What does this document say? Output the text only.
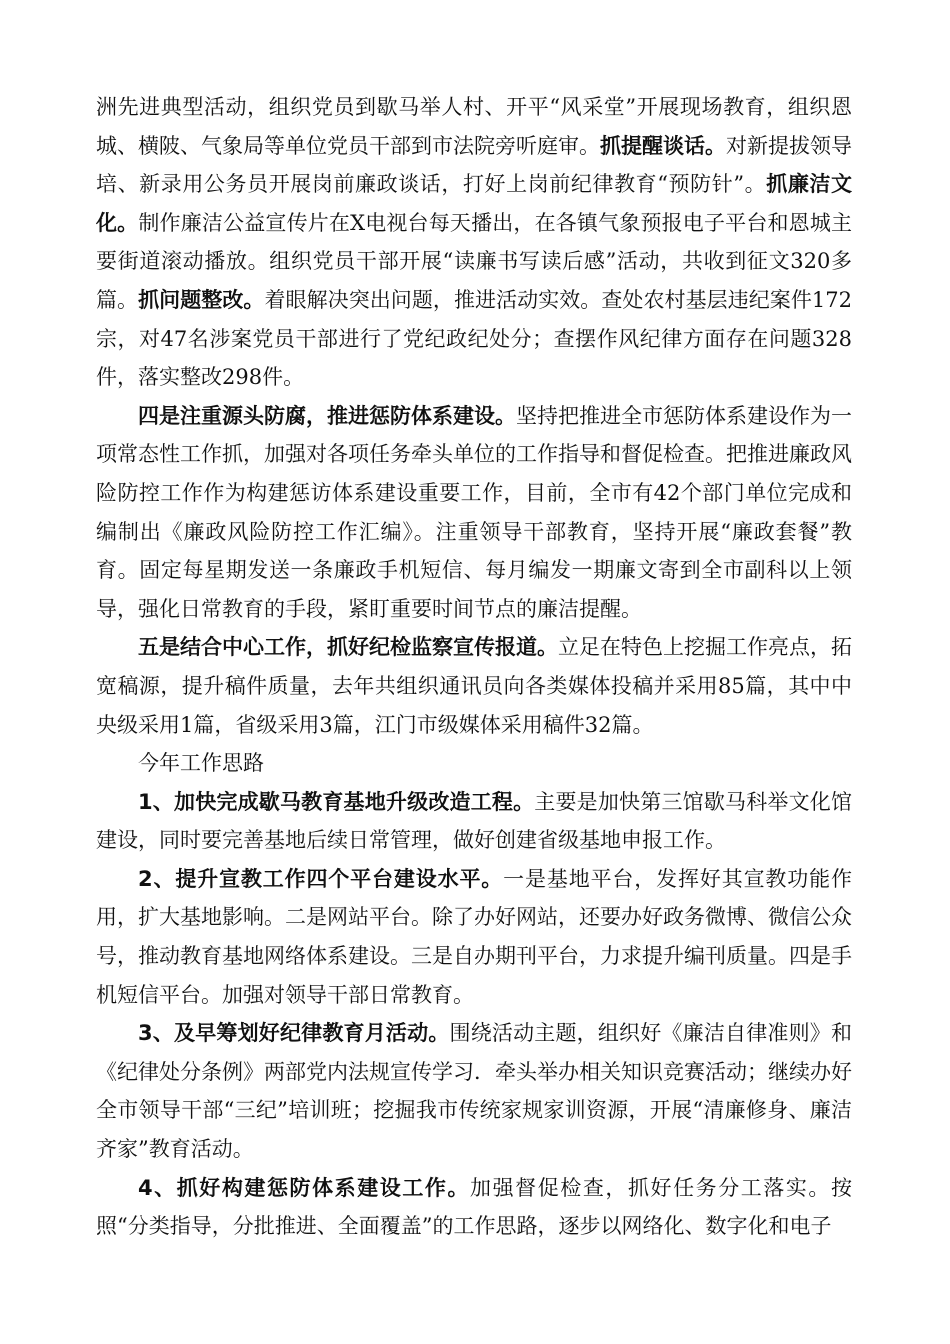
洲先进典型活动，组织党员到歇马举人村、开平“风采堂”开展现场教育，组织恩城、横陂、气象局等单位党员干部到市法院旁听庭审。抓提醒谈话。对新提拔领导培、新录用公务员开展岗前廉政谈话，打好上岗前纪律教育“预防针”。抓廉洁文化。制作廉洁公益宣传片在X电视台每天播出，在各镇气象预报电子平台和恩城主要街道滚动播放。组织党员干部开展“读廉书写读后感”活动，共收到征文320多篇。抓问题整改。着眼解决突出问题，推进活动实效。查处农村基层违纪案件172宗，对47名涉案党员干部进行了党纪政纪处分；查摆作风纪律方面存在问题328件，落实整改298件。

四是注重源头防腐，推进惩防体系建设。坚持把推进全市惩防体系建设作为一项常态性工作抓，加强对各项任务牵头单位的工作指导和督促检查。把推进廉政风险防控工作作为构建惩访体系建设重要工作，目前，全市有42个部门单位完成和编制出《廉政风险防控工作汇编》。注重领导干部教育，坚持开展“廉政套餐”教育。固定每星期发送一条廉政手机短信、每月编发一期廉文寄到全市副科以上领导，强化日常教育的手段，紧盯重要时间节点的廉洁提醒。

五是结合中心工作，抓好纪检监察宣传报道。立足在特色上挖掘工作亮点，拓宽稿源，提升稿件质量，去年共组织通讯员向各类媒体投稿并采用85篇，其中中央级采用1篇，省级采用3篇，江门市级媒体采用稿件32篇。

今年工作思路

1、加快完成歇马教育基地升级改造工程。主要是加快第三馆歇马科举文化馆建设，同时要完善基地后续日常管理，做好创建省级基地申报工作。

2、提升宣教工作四个平台建设水平。一是基地平台，发挥好其宣教功能作用，扩大基地影响。二是网站平台。除了办好网站，还要办好政务微博、微信公众号，推动教育基地网络体系建设。三是自办期刊平台，力求提升编刊质量。四是手机短信平台。加强对领导干部日常教育。

3、及早筹划好纪律教育月活动。围绕活动主题，组织好《廉洁自律准则》和《纪律处分条例》两部党内法规宣传学习．牵头举办相关知识竞赛活动；继续办好全市领导干部“三纪”培训班；挖掘我市传统家规家训资源，开展“清廉修身、廉洁齐家”教育活动。

4、抓好构建惩防体系建设工作。加强督促检查，抓好任务分工落实。按照“分类指导，分批推进、全面覆盖”的工作思路，逐步以网络化、数字化和电子
